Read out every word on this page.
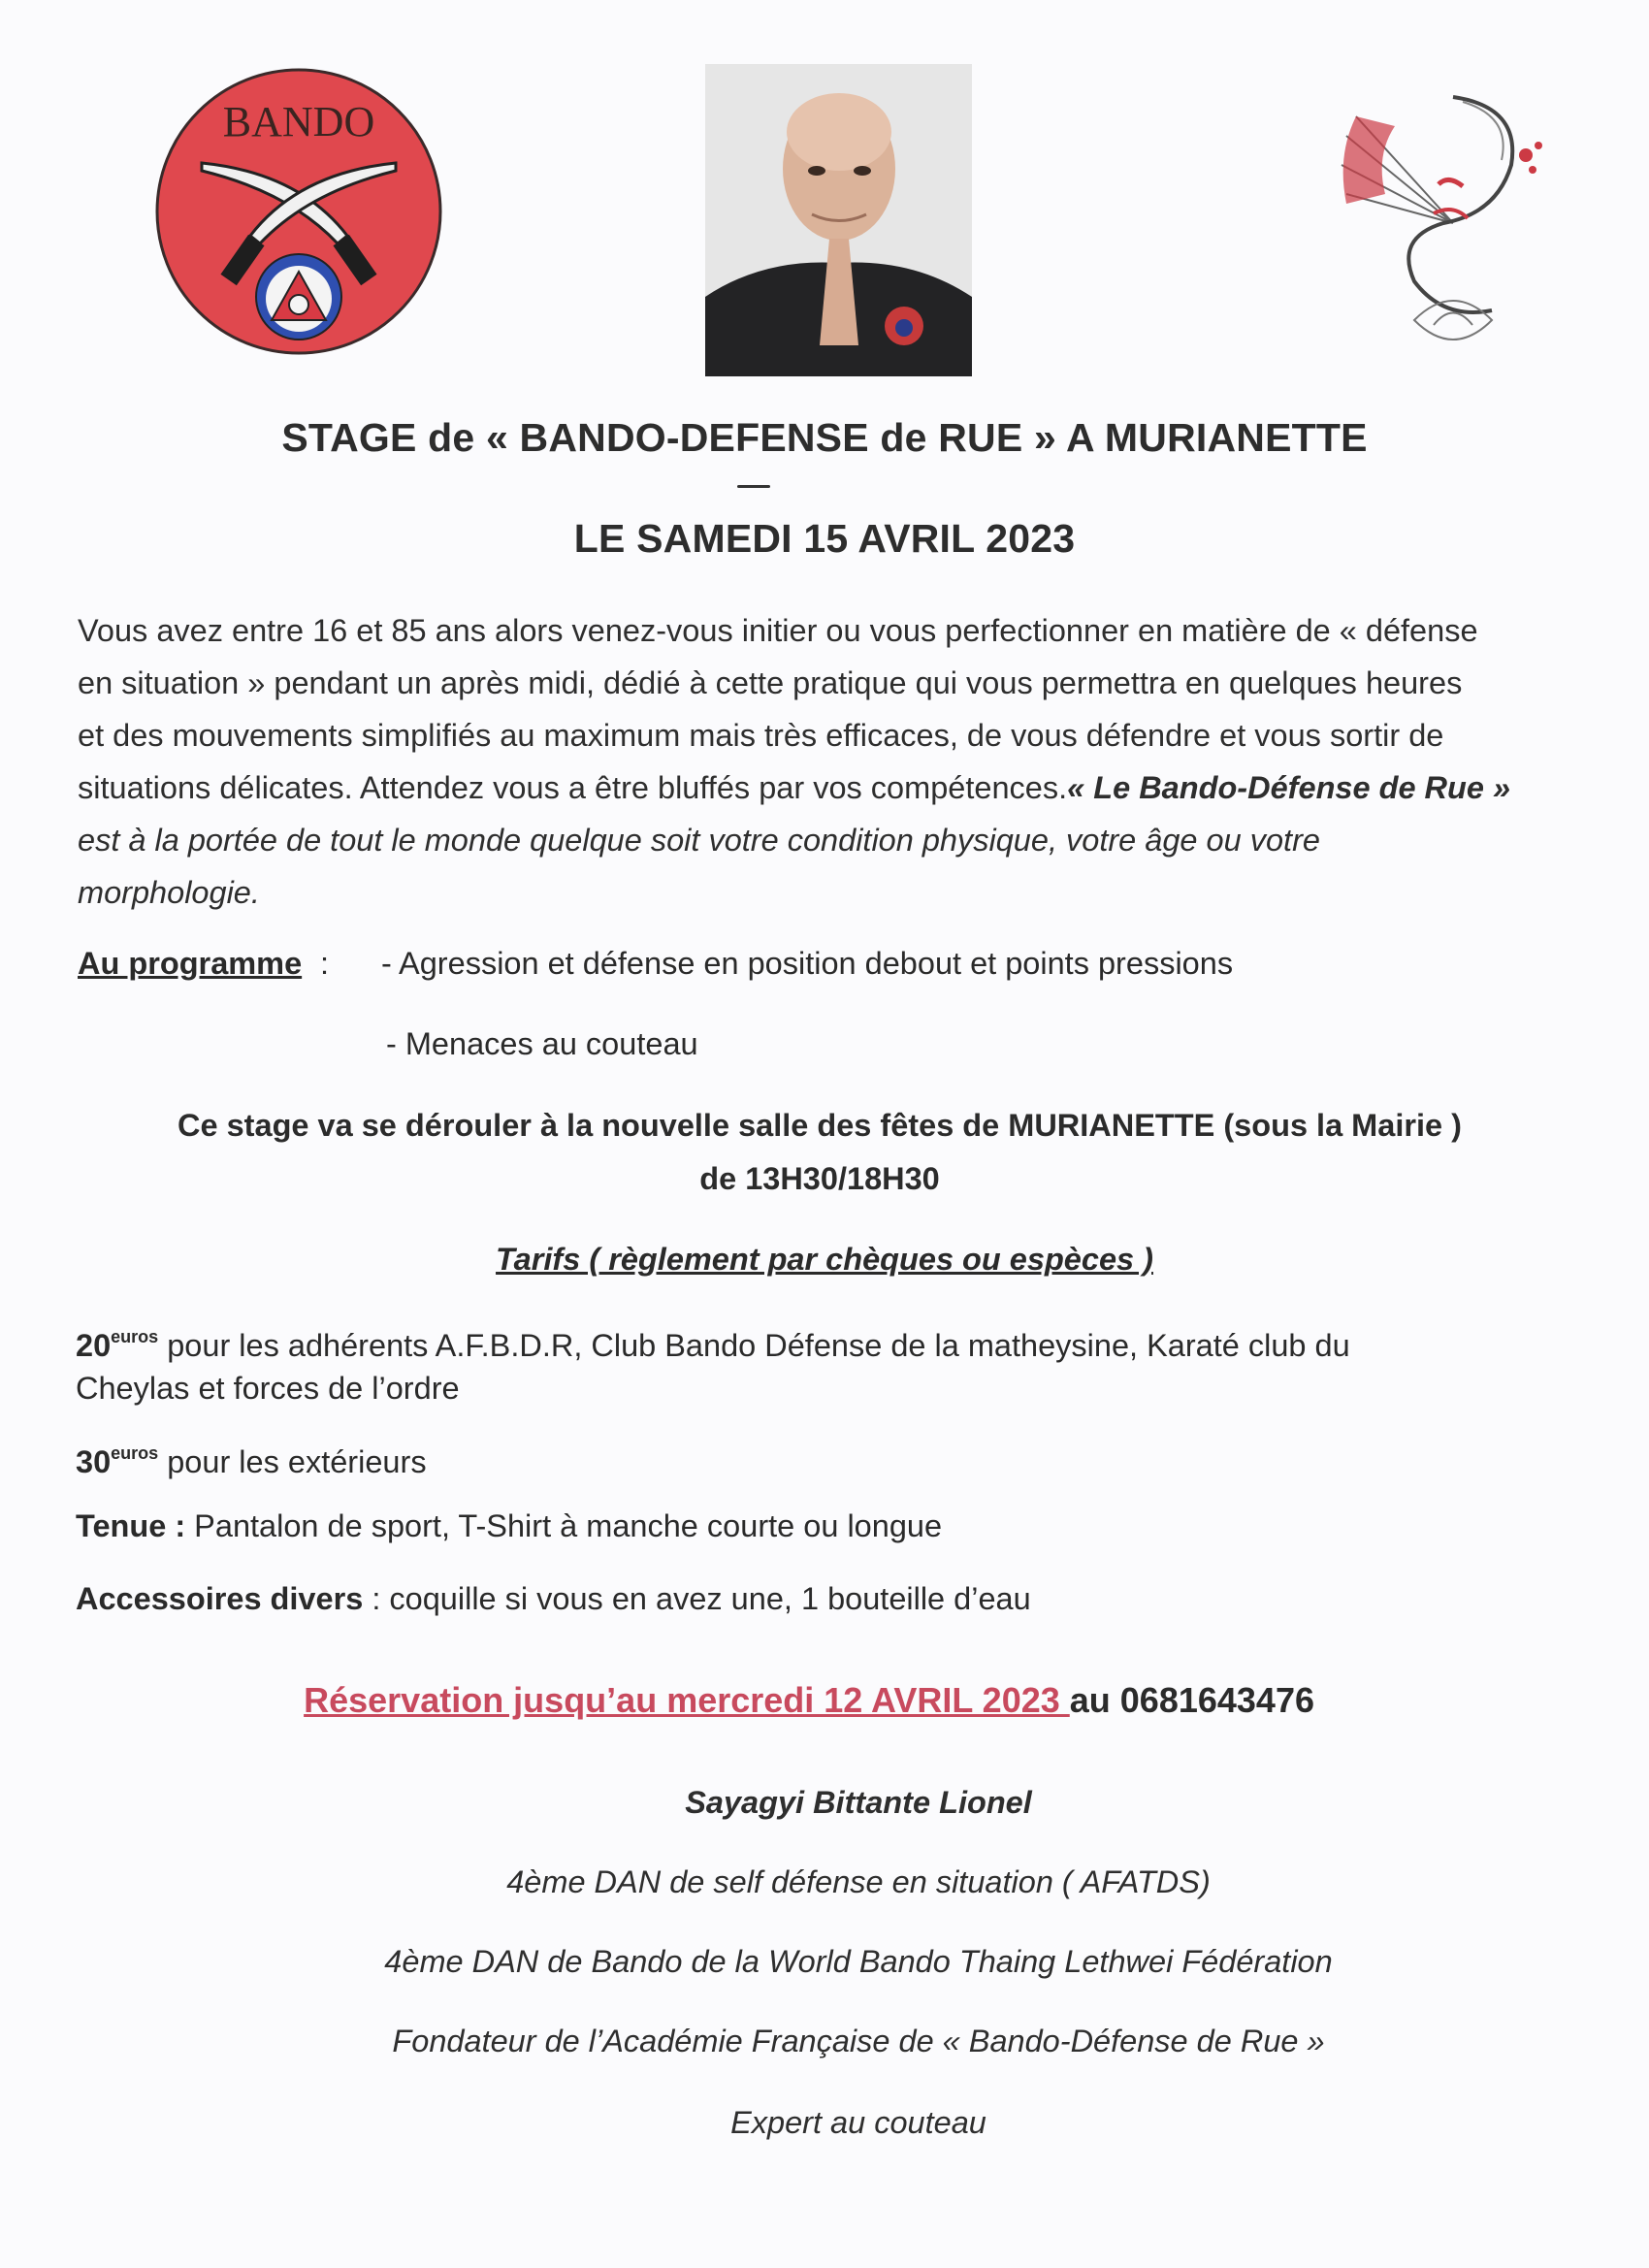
BANDO
STAGE de « BANDO-DEFENSE de RUE » A MURIANETTE
LE SAMEDI 15 AVRIL 2023
Vous avez entre 16 et 85 ans alors venez-vous initier ou vous perfectionner en matière de « défense
en situation » pendant un après midi, dédié à cette pratique qui vous permettra en quelques heures
et des mouvements simplifiés au maximum mais très efficaces, de vous défendre et vous sortir de
situations délicates. Attendez vous a être bluffés par vos compétences.« Le Bando-Défense de Rue »
est à la portée de tout le monde quelque soit votre condition physique, votre âge ou votre
morphologie.
Au programme : - Agression et défense en position debout et points pressions
- Menaces au couteau
Ce stage va se dérouler à la nouvelle salle des fêtes de MURIANETTE (sous la Mairie )
de 13H30/18H30
Tarifs ( règlement par chèques ou espèces )
$20^{euros}$ pour les adhérents A.F.B.D.R, Club Bando Défense de la matheysine, Karaté club du
Cheylas et forces de l’ordre
$30^{euros}$ pour les extérieurs
Tenue : Pantalon de sport, T-Shirt à manche courte ou longue
Accessoires divers : coquille si vous en avez une, 1 bouteille d’eau
Réservation jusqu’au mercredi 12 AVRIL 2023 au 0681643476
Sayagyi Bittante Lionel
4ème DAN de self défense en situation ( AFATDS)
4ème DAN de Bando de la World Bando Thaing Lethwei Fédération
Fondateur de l’Académie Française de « Bando-Défense de Rue »
Expert au couteau
